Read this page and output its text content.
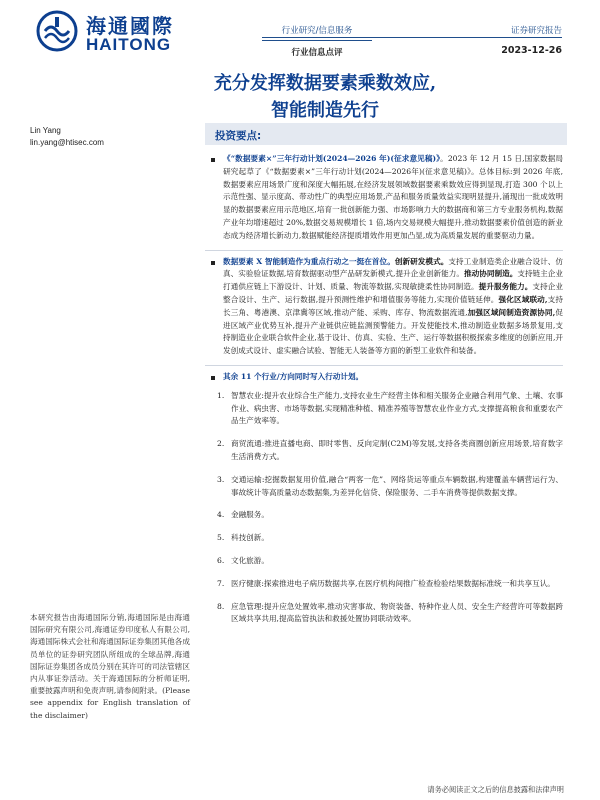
海通國際
HAITONG
行业研究/信息服务
行业信息点评
证券研究报告
2023-12-26
充分发挥数据要素乘数效应,
智能制造先行
Lin Yang
lin.yang@htisec.com
投资要点:
《“数据要素×”三年行动计划(2024—2026 年)(征求意见稿)》。2023 年 12 月 15 日,国家数据局研究起草了《“数据要素×”三年行动计划(2024—2026年)(征求意见稿)》。总体目标:到 2026 年底,数据要素应用场景广度和深度大幅拓展,在经济发展领域数据要素乘数效应得到显现,打造 300 个以上示范性强、显示度高、带动性广的典型应用场景,产品和服务质量效益实现明显提升,涌现出一批成效明显的数据要素应用示范地区,培育一批创新能力强、市场影响力大的数据商和第三方专业服务机构,数据产业年均增速超过 20%,数据交易规模增长 1 倍,场内交易规模大幅提升,推动数据要素价值创造的新业态成为经济增长新动力,数据赋能经济提质增效作用更加凸显,成为高质量发展的重要驱动力量。
数据要素 X 智能制造作为重点行动之一挺在首位。创新研发模式。支持工业制造类企业融合设计、仿真、实验验证数据,培育数据驱动型产品研发新模式,提升企业创新能力。推动协同制造。支持链主企业打通供应链上下游设计、计划、质量、物流等数据,实现敏捷柔性协同制造。提升服务能力。支持企业整合设计、生产、运行数据,提升预测性维护和增值服务等能力,实现价值链延伸。强化区域联动,支持长三角、粤港澳、京津冀等区域,推动产能、采购、库存、物流数据流通,加强区域间制造资源协同,促进区域产业优势互补,提升产业链供应链监测预警能力。开发使能技术,推动制造业数据多场景复用,支持制造业企业联合软件企业,基于设计、仿真、实验、生产、运行等数据积极探索多维度的创新应用,开发创成式设计、虚实融合试验、智能无人装备等方面的新型工业软件和装备。
其余 11 个行业/方向同时写入行动计划。
1. 智慧农业:提升农业综合生产能力,支持农业生产经营主体和相关服务企业融合利用气象、土壤、农事作业、病虫害、市场等数据,实现精准种植、精准养殖等智慧农业作业方式,支撑提高粮食和重要农产品生产效率等。
2. 商贸流通:推进直播电商、即时零售、反向定制(C2M)等发展,支持各类商圈创新应用场景,培育数字生活消费方式。
3. 交通运输:挖掘数据复用价值,融合“两客一危”、网络货运等重点车辆数据,构建覆盖车辆营运行为、事故统计等高质量动态数据集,为差异化信贷、保险服务、二手车消费等提供数据支撑。
4. 金融服务。
5. 科技创新。
6. 文化旅游。
7. 医疗健康:探索推进电子病历数据共享,在医疗机构间推广检查检验结果数据标准统一和共享互认。
8. 应急管理:提升应急处置效率,推动灾害事故、物资装备、特种作业人员、安全生产经营许可等数据跨区域共享共用,提高监管执法和救援处置协同联动效率。
本研究报告由海通国际分销,海通国际是由海通国际研究有限公司,海通证券印度私人有限公司,海通国际株式会社和海通国际证券集团其他各成员单位的证券研究团队所组成的全球品牌,海通国际证券集团各成员分别在其许可的司法管辖区内从事证券活动。关于海通国际的分析师证明,重要披露声明和免责声明,请参阅附录。(Please see appendix for English translation of the disclaimer)
请务必阅读正文之后的信息披露和法律声明
